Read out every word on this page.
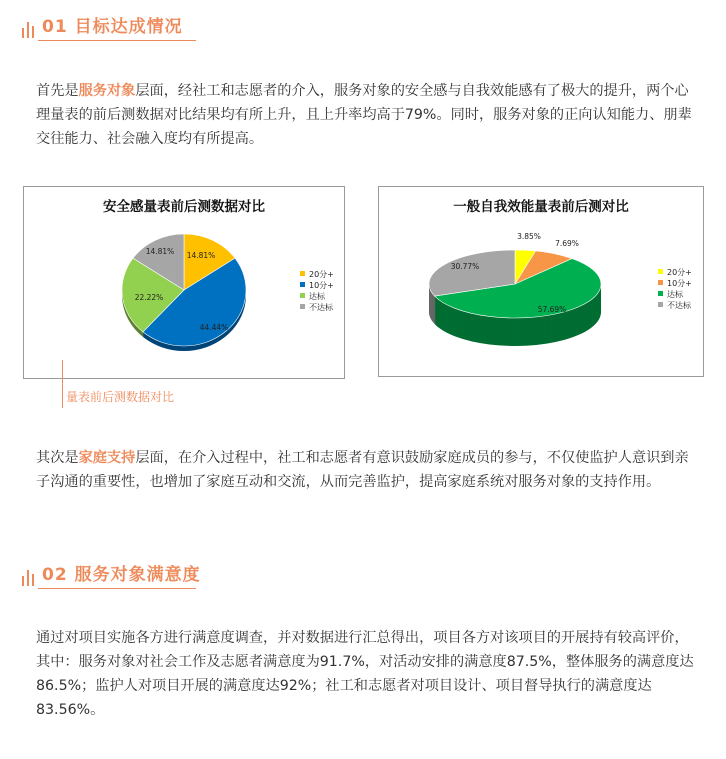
01 目标达成情况
首先是服务对象层面，经社工和志愿者的介入，服务对象的安全感与自我效能感有了极大的提升，两个心理量表的前后测数据对比结果均有所上升，且上升率均高于79%。同时，服务对象的正向认知能力、朋辈交往能力、社会融入度均有所提高。
安全感量表前后测数据对比
14.81%
44.44%
22.22%
14.81%
20分+
10分+
达标
不达标
一般自我效能量表前后测对比
3.85%
7.69%
57.69%
30.77%
20分+
10分+
达标
不达标
量表前后测数据对比
其次是家庭支持层面，在介入过程中，社工和志愿者有意识鼓励家庭成员的参与，不仅使监护人意识到亲子沟通的重要性，也增加了家庭互动和交流，从而完善监护，提高家庭系统对服务对象的支持作用。
02 服务对象满意度
通过对项目实施各方进行满意度调查，并对数据进行汇总得出，项目各方对该项目的开展持有较高评价，其中：服务对象对社会工作及志愿者满意度为91.7%，对活动安排的满意度87.5%，整体服务的满意度达86.5%；监护人对项目开展的满意度达92%；社工和志愿者对项目设计、项目督导执行的满意度达83.56%。
